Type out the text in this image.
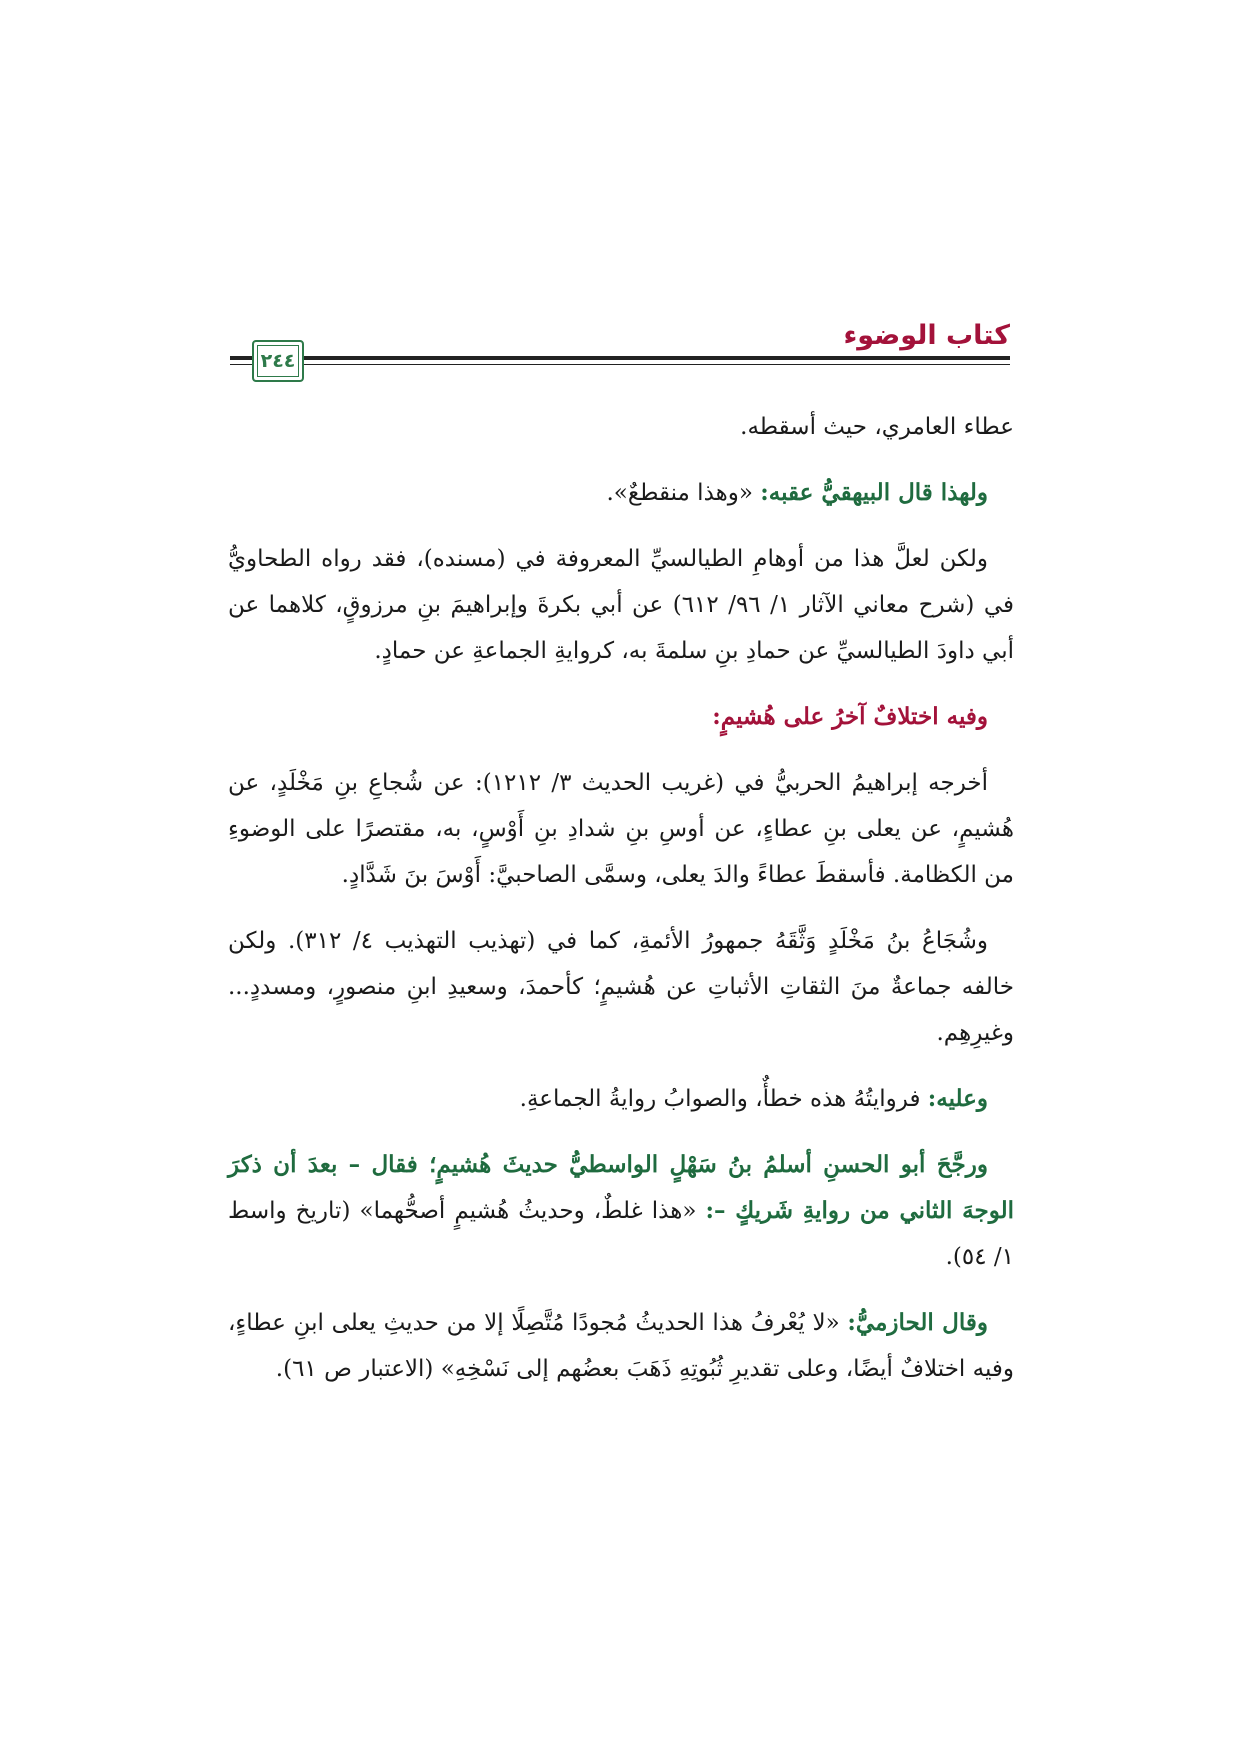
كتاب الوضوء
٢٤٤

عطاء العامري، حيث أسقطه.

ولهذا قال البيهقيُّ عقبه: «وهذا منقطعٌ».

ولكن لعلَّ هذا من أوهامِ الطيالسيِّ المعروفة في (مسنده)، فقد رواه الطحاويُّ في (شرح معاني الآثار ١/ ٩٦/ ٦١٢) عن أبي بكرةَ وإبراهيمَ بنِ مرزوقٍ، كلاهما عن أبي داودَ الطيالسيِّ عن حمادِ بنِ سلمةَ به، كروايةِ الجماعةِ عن حمادٍ.

وفيه اختلافٌ آخرُ على هُشيمٍ:

أخرجه إبراهيمُ الحربيُّ في (غريب الحديث ٣/ ١٢١٢): عن شُجاعِ بنِ مَخْلَدٍ، عن هُشيمٍ، عن يعلى بنِ عطاءٍ، عن أوسِ بنِ شدادِ بنِ أَوْسٍ، به، مقتصرًا على الوضوءِ من الكظامة. فأسقطَ عطاءً والدَ يعلى، وسمَّى الصاحبيَّ: أَوْسَ بنَ شَدَّادٍ.

وشُجَاعُ بنُ مَخْلَدٍ وَثَّقَهُ جمهورُ الأئمةِ، كما في (تهذيب التهذيب ٤/ ٣١٢). ولكن خالفه جماعةٌ منَ الثقاتِ الأثباتِ عن هُشيمٍ؛ كأحمدَ، وسعيدِ ابنِ منصورٍ، ومسددٍ... وغيرِهِم.

وعليه: فروايتُهُ هذه خطأٌ، والصوابُ روايةُ الجماعةِ.

ورجَّحَ أبو الحسنِ أسلمُ بنُ سَهْلٍ الواسطيُّ حديثَ هُشيمٍ؛ فقال – بعدَ أن ذكرَ الوجهَ الثاني من روايةِ شَريكٍ –: «هذا غلطٌ، وحديثُ هُشيمٍ أصحُّهما» (تاريخ واسط ١/ ٥٤).

وقال الحازميُّ: «لا يُعْرفُ هذا الحديثُ مُجودًا مُتَّصِلًا إلا من حديثِ يعلى ابنِ عطاءٍ، وفيه اختلافٌ أيضًا، وعلى تقديرِ ثُبُوتِهِ ذَهَبَ بعضُهم إلى نَسْخِهِ» (الاعتبار ص ٦١).
